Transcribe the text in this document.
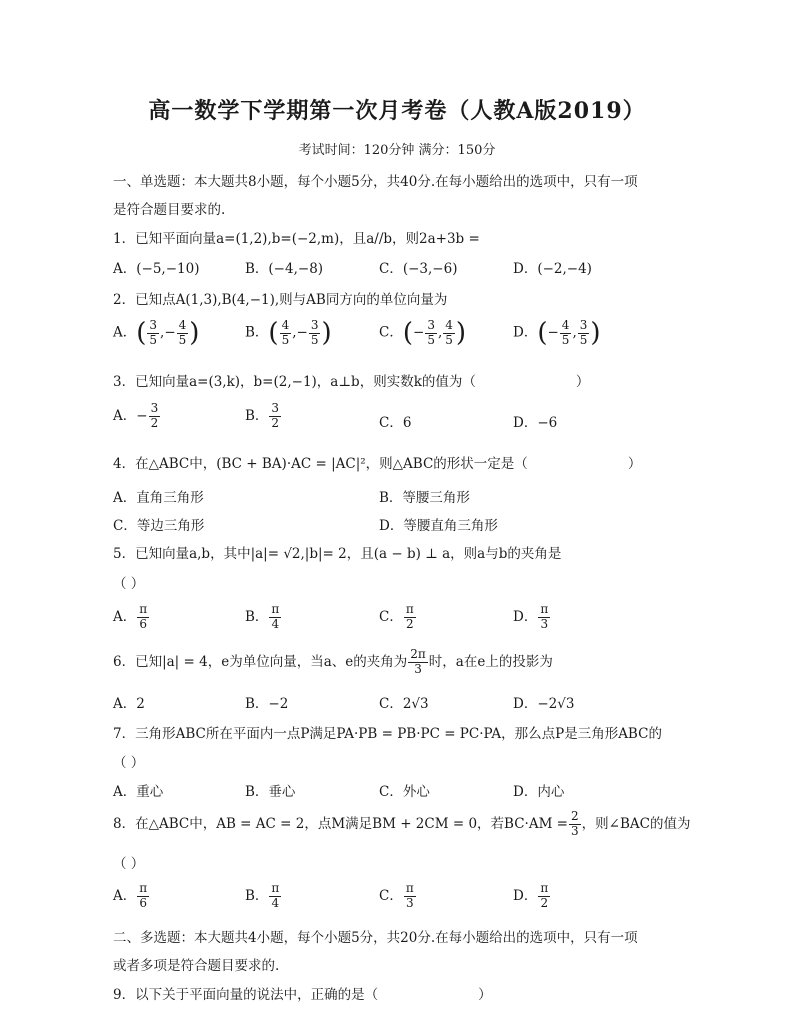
高一数学下学期第一次月考卷（人教A版2019）
考试时间：120分钟 满分：150分
一、单选题：本大题共8小题，每个小题5分，共40分.在每小题给出的选项中，只有一项
是符合题目要求的.
1．已知平面向量a=(1,2),b=(−2,m)，且a//b，则2a+3b =
A．(−5,−10)	B．(−4,−8)	C．(−3,−6)	D．(−2,−4)
2．已知点A(1,3),B(4,−1),则与AB同方向的单位向量为
A．( $\frac{3}{5}$ ,− $\frac{4}{5}$ )	B．( $\frac{4}{5}$ ,− $\frac{3}{5}$ )	C．(− $\frac{3}{5}$ , $\frac{4}{5}$ )	D．(− $\frac{4}{5}$ , $\frac{3}{5}$ )
3．已知向量a=(3,k)，b=(2,−1)，a⊥b，则实数k的值为（	）
A．− $\frac{3}{2}$	B． $\frac{3}{2}$	C．6	D．−6
4．在△ABC中，(BC + BA)·AC = |AC|²，则△ABC的形状一定是（	）
A．直角三角形	B．等腰三角形
C．等边三角形	D．等腰直角三角形
5．已知向量a,b，其中|a|= √2,|b|= 2，且(a − b) ⊥ a，则a与b的夹角是
（ ）
A． $\frac{\pi}{6}$	B． $\frac{\pi}{4}$	C． $\frac{\pi}{2}$	D． $\frac{\pi}{3}$
6．已知|a| = 4，e为单位向量，当a、e的夹角为 $\frac{2\pi}{3}$ 时，a在e上的投影为
A．2	B．−2	C．2√3	D．−2√3
7．三角形ABC所在平面内一点P满足PA·PB = PB·PC = PC·PA，那么点P是三角形ABC的
（ ）
A．重心	B．垂心	C．外心	D．内心
8．在△ABC中，AB = AC = 2，点M满足BM + 2CM = 0，若$BC\cdot AM = \frac{2}{3}$ ，则∠BAC的值为
（ ）
A． $\frac{\pi}{6}$	B． $\frac{\pi}{4}$	C． $\frac{\pi}{3}$	D． $\frac{\pi}{2}$
二、多选题：本大题共4小题，每个小题5分，共20分.在每小题给出的选项中，只有一项
或者多项是符合题目要求的.
9．以下关于平面向量的说法中，正确的是（	）
